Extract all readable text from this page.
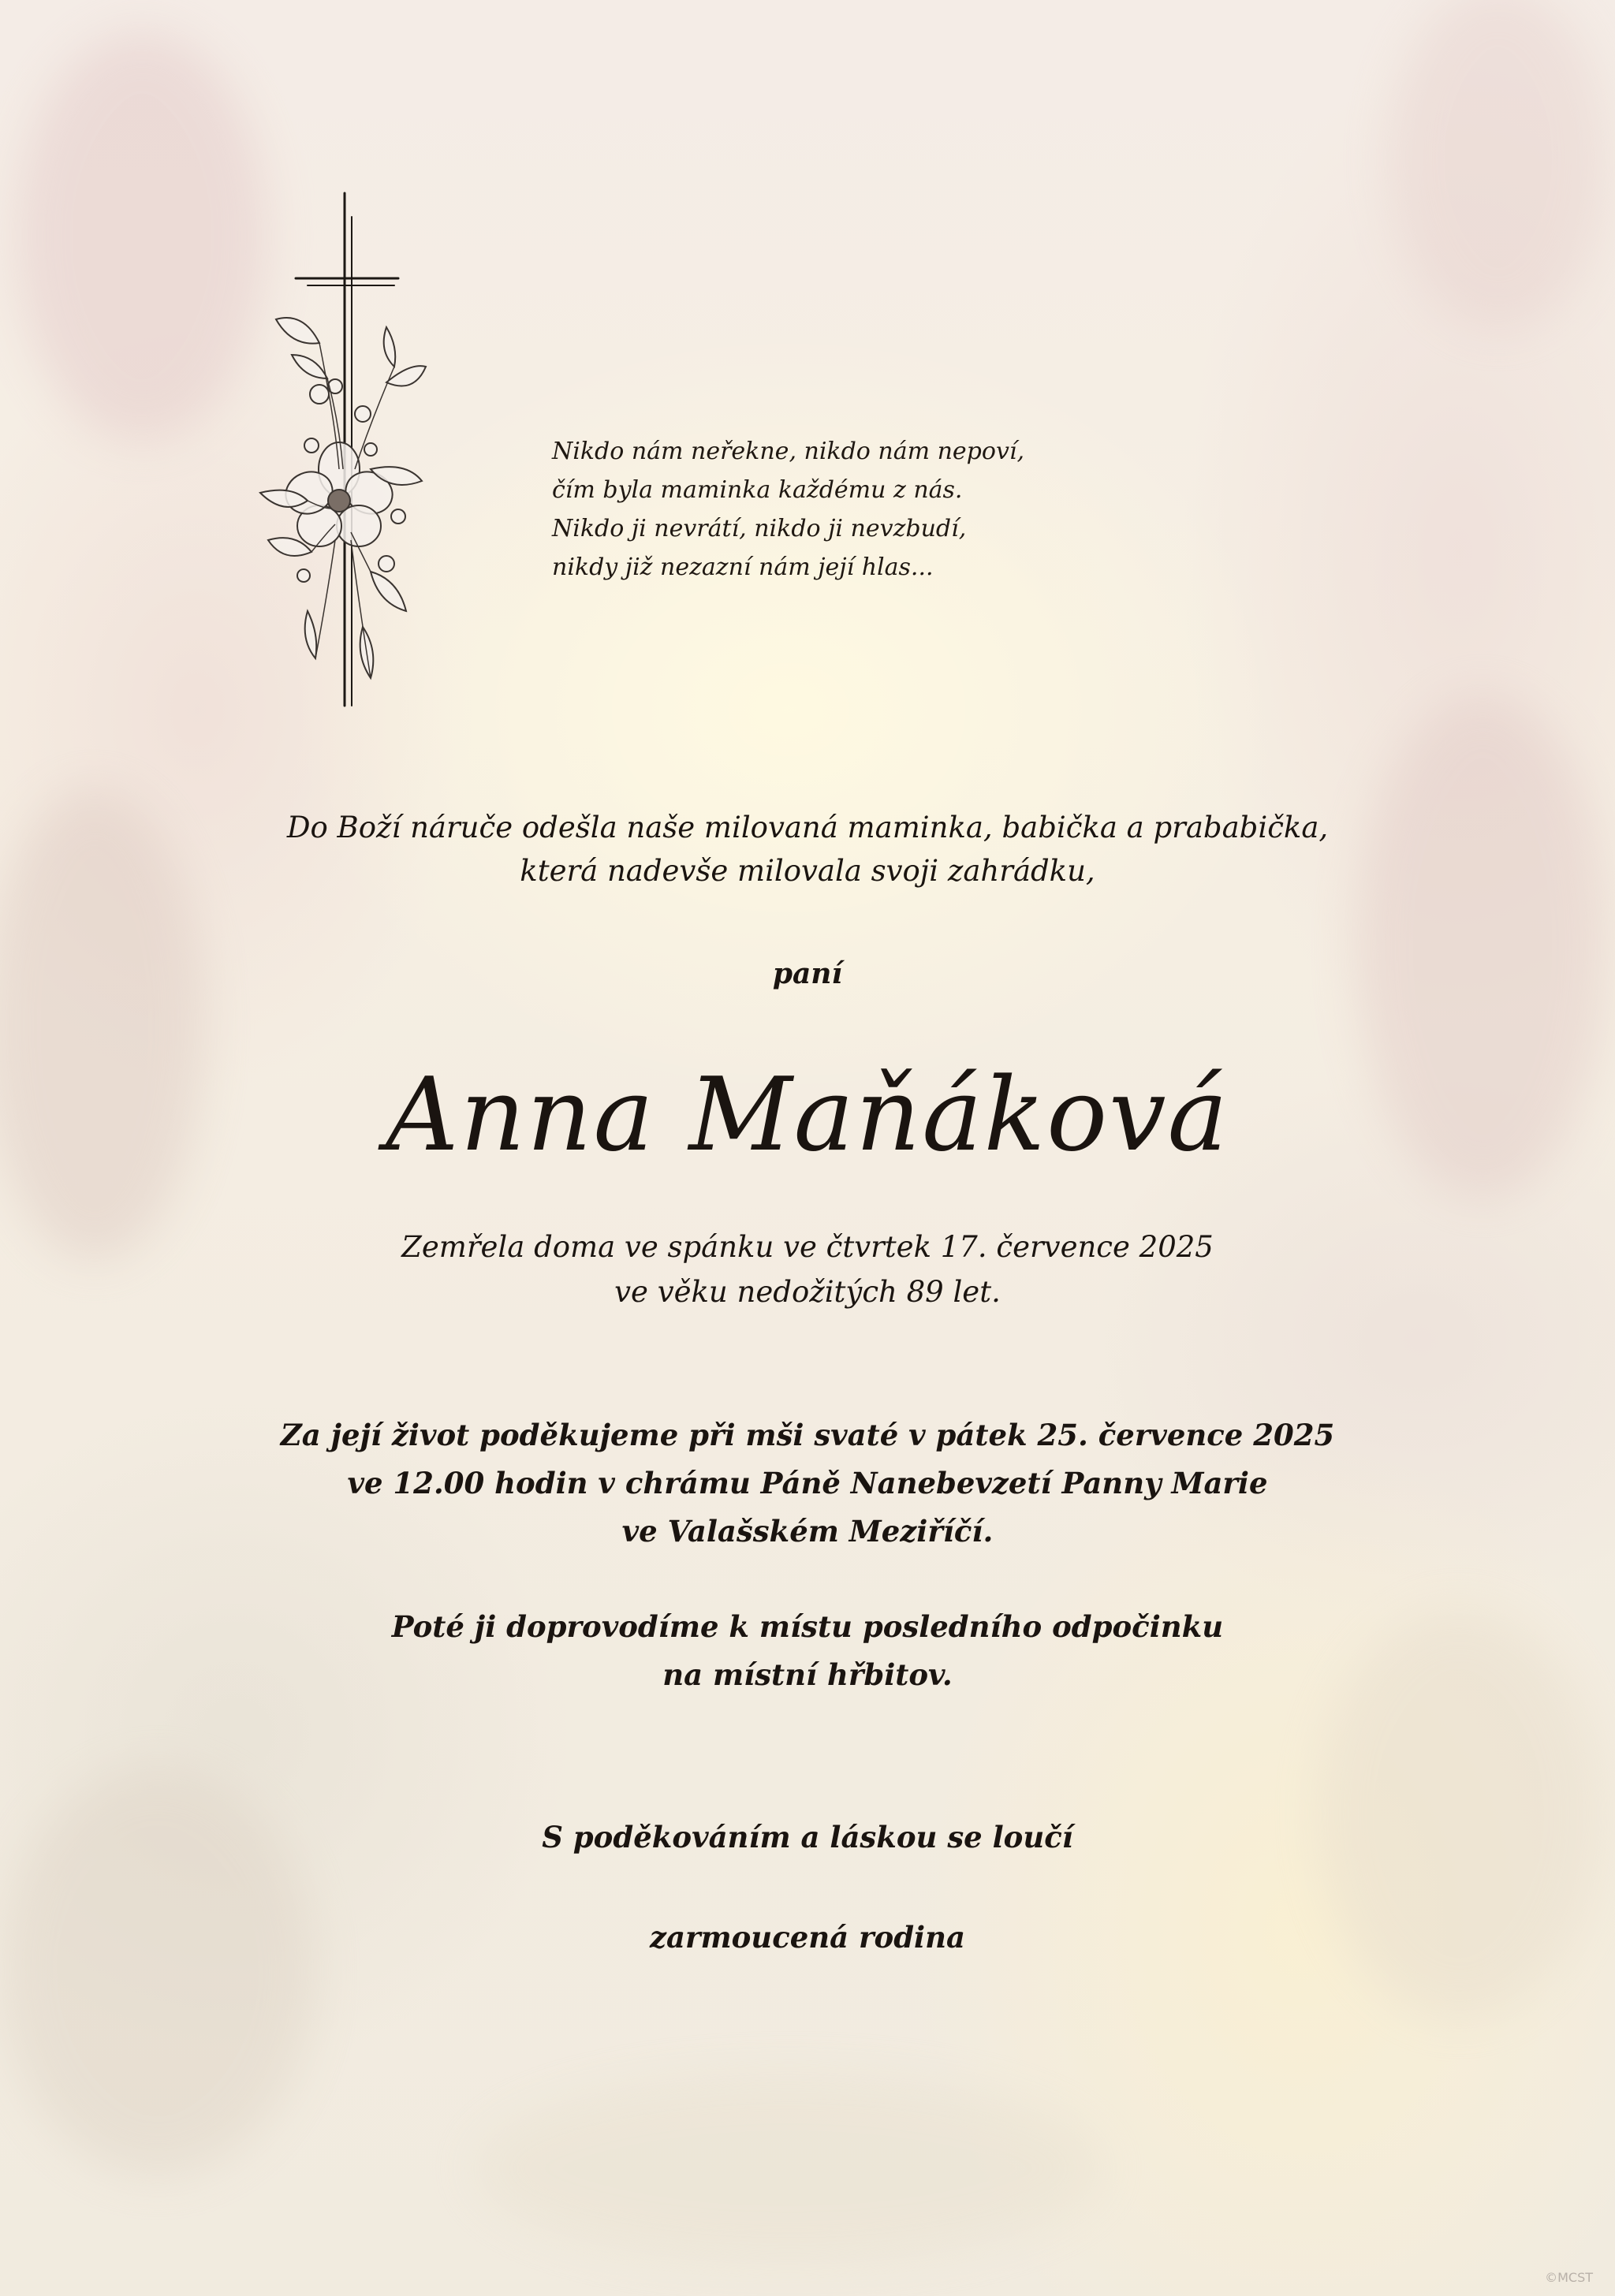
Nikdo nám neřekne, nikdo nám nepoví,
čím byla maminka každému z nás.
Nikdo ji nevrátí, nikdo ji nevzbudí,
nikdy již nezazní nám její hlas...
Do Boží náruče odešla naše milovaná maminka, babička a prababička,
která nadevše milovala svoji zahrádku,
paní
Anna Maňáková
Zemřela doma ve spánku ve čtvrtek 17. července 2025
ve věku nedožitých 89 let.
Za její život poděkujeme při mši svaté v pátek 25. července 2025
ve 12.00 hodin v chrámu Páně Nanebevzetí Panny Marie
ve Valašském Meziříčí.
Poté ji doprovodíme k místu posledního odpočinku
na místní hřbitov.
S poděkováním a láskou se loučí
zarmoucená rodina
©MCST
